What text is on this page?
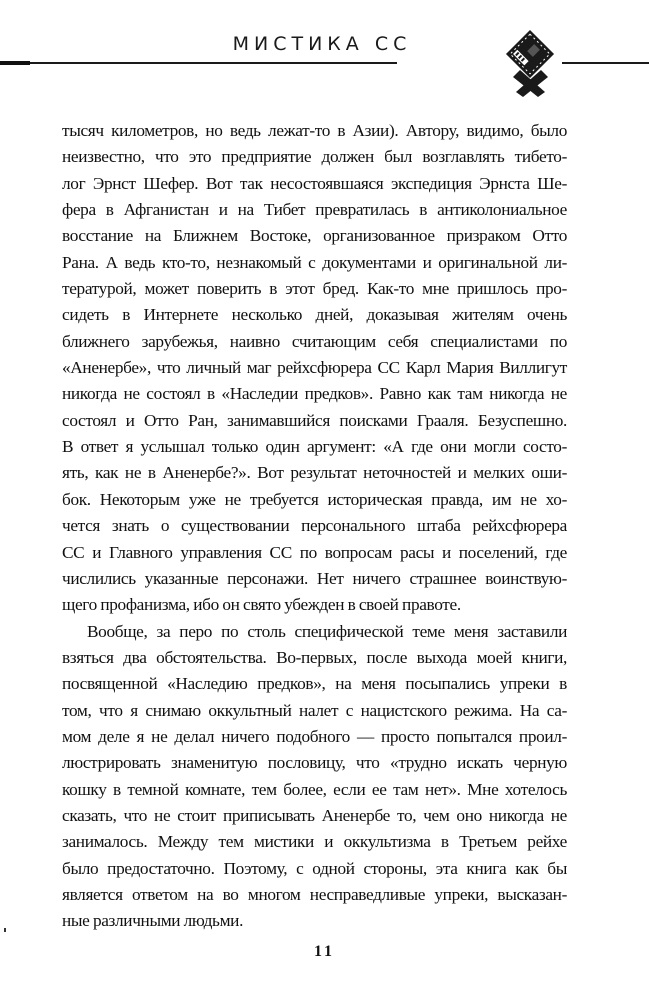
МИСТИКА СС

тысяч километров, но ведь лежат-то в Азии). Автору, видимо, было
неизвестно, что это предприятие должен был возглавлять тибето-
лог Эрнст Шефер. Вот так несостоявшаяся экспедиция Эрнста Ше-
фера в Афганистан и на Тибет превратилась в антиколониальное
восстание на Ближнем Востоке, организованное призраком Отто
Рана. А ведь кто-то, незнакомый с документами и оригинальной ли-
тературой, может поверить в этот бред. Как-то мне пришлось про-
сидеть в Интернете несколько дней, доказывая жителям очень
ближнего зарубежья, наивно считающим себя специалистами по
«Аненербе», что личный маг рейхсфюрера СС Карл Мария Виллигут
никогда не состоял в «Наследии предков». Равно как там никогда не
состоял и Отто Ран, занимавшийся поисками Грааля. Безуспешно.
В ответ я услышал только один аргумент: «А где они могли состо-
ять, как не в Аненербе?». Вот результат неточностей и мелких оши-
бок. Некоторым уже не требуется историческая правда, им не хо-
чется знать о существовании персонального штаба рейхсфюрера
СС и Главного управления СС по вопросам расы и поселений, где
числились указанные персонажи. Нет ничего страшнее воинствую-
щего профанизма, ибо он свято убежден в своей правоте.

Вообще, за перо по столь специфической теме меня заставили
взяться два обстоятельства. Во-первых, после выхода моей книги,
посвященной «Наследию предков», на меня посыпались упреки в
том, что я снимаю оккультный налет с нацистского режима. На са-
мом деле я не делал ничего подобного — просто попытался проил-
люстрировать знаменитую пословицу, что «трудно искать черную
кошку в темной комнате, тем более, если ее там нет». Мне хотелось
сказать, что не стоит приписывать Аненербе то, чем оно никогда не
занималось. Между тем мистики и оккультизма в Третьем рейхе
было предостаточно. Поэтому, с одной стороны, эта книга как бы
является ответом на во многом несправедливые упреки, высказан-
ные различными людьми.

11
